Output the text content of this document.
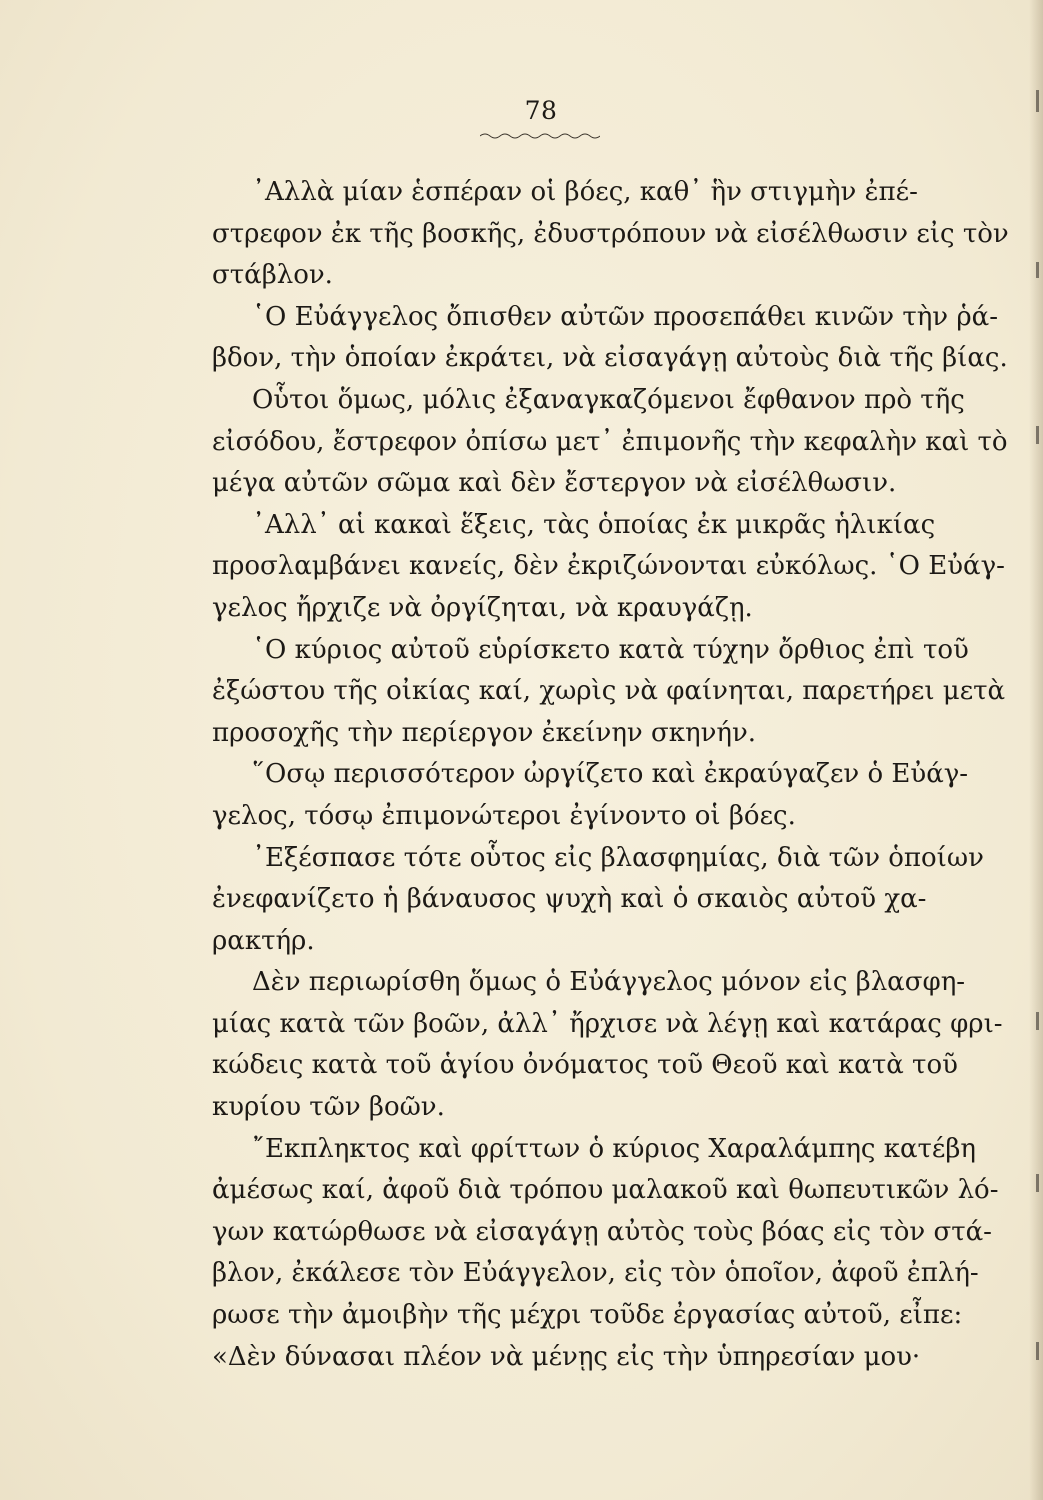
78
᾿Αλλὰ μίαν ἑσπέραν οἱ βόες, καθ᾿ ἣν στιγμὴν ἐπέ-
στρεφον ἐκ τῆς βοσκῆς, ἐδυστρόπουν νὰ εἰσέλθωσιν εἰς τὸν
στάβλον.
῾Ο Εὐάγγελος ὄπισθεν αὐτῶν προσεπάθει κινῶν τὴν ῥά-
βδον, τὴν ὁποίαν ἐκράτει, νὰ εἰσαγάγῃ αὐτοὺς διὰ τῆς βίας.
Οὗτοι ὅμως, μόλις ἐξαναγκαζόμενοι ἔφθανον πρὸ τῆς
εἰσόδου, ἔστρεφον ὀπίσω μετ᾿ ἐπιμονῆς τὴν κεφαλὴν καὶ τὸ
μέγα αὐτῶν σῶμα καὶ δὲν ἔστεργον νὰ εἰσέλθωσιν.
᾿Αλλ᾿ αἱ κακαὶ ἕξεις, τὰς ὁποίας ἐκ μικρᾶς ἡλικίας
προσλαμβάνει κανείς, δὲν ἐκριζώνονται εὐκόλως. ῾Ο Εὐάγ-
γελος ἤρχιζε νὰ ὀργίζηται, νὰ κραυγάζῃ.
῾Ο κύριος αὐτοῦ εὑρίσκετο κατὰ τύχην ὄρθιος ἐπὶ τοῦ
ἐξώστου τῆς οἰκίας καί, χωρὶς νὰ φαίνηται, παρετήρει μετὰ
προσοχῆς τὴν περίεργον ἐκείνην σκηνήν.
῞Οσῳ περισσότερον ὠργίζετο καὶ ἐκραύγαζεν ὁ Εὐάγ-
γελος, τόσῳ ἐπιμονώτεροι ἐγίνοντο οἱ βόες.
᾿Εξέσπασε τότε οὗτος εἰς βλασφημίας, διὰ τῶν ὁποίων
ἐνεφανίζετο ἡ βάναυσος ψυχὴ καὶ ὁ σκαιὸς αὐτοῦ χα-
ρακτήρ.
Δὲν περιωρίσθη ὅμως ὁ Εὐάγγελος μόνον εἰς βλασφη-
μίας κατὰ τῶν βοῶν, ἀλλ᾿ ἤρχισε νὰ λέγῃ καὶ κατάρας φρι-
κώδεις κατὰ τοῦ ἁγίου ὀνόματος τοῦ Θεοῦ καὶ κατὰ τοῦ
κυρίου τῶν βοῶν.
῎Εκπληκτος καὶ φρίττων ὁ κύριος Χαραλάμπης κατέβη
ἀμέσως καί, ἀφοῦ διὰ τρόπου μαλακοῦ καὶ θωπευτικῶν λό-
γων κατώρθωσε νὰ εἰσαγάγῃ αὐτὸς τοὺς βόας εἰς τὸν στά-
βλον, ἐκάλεσε τὸν Εὐάγγελον, εἰς τὸν ὁποῖον, ἀφοῦ ἐπλή-
ρωσε τὴν ἀμοιβὴν τῆς μέχρι τοῦδε ἐργασίας αὐτοῦ, εἶπε:
«Δὲν δύνασαι πλέον νὰ μένῃς εἰς τὴν ὑπηρεσίαν μου·
